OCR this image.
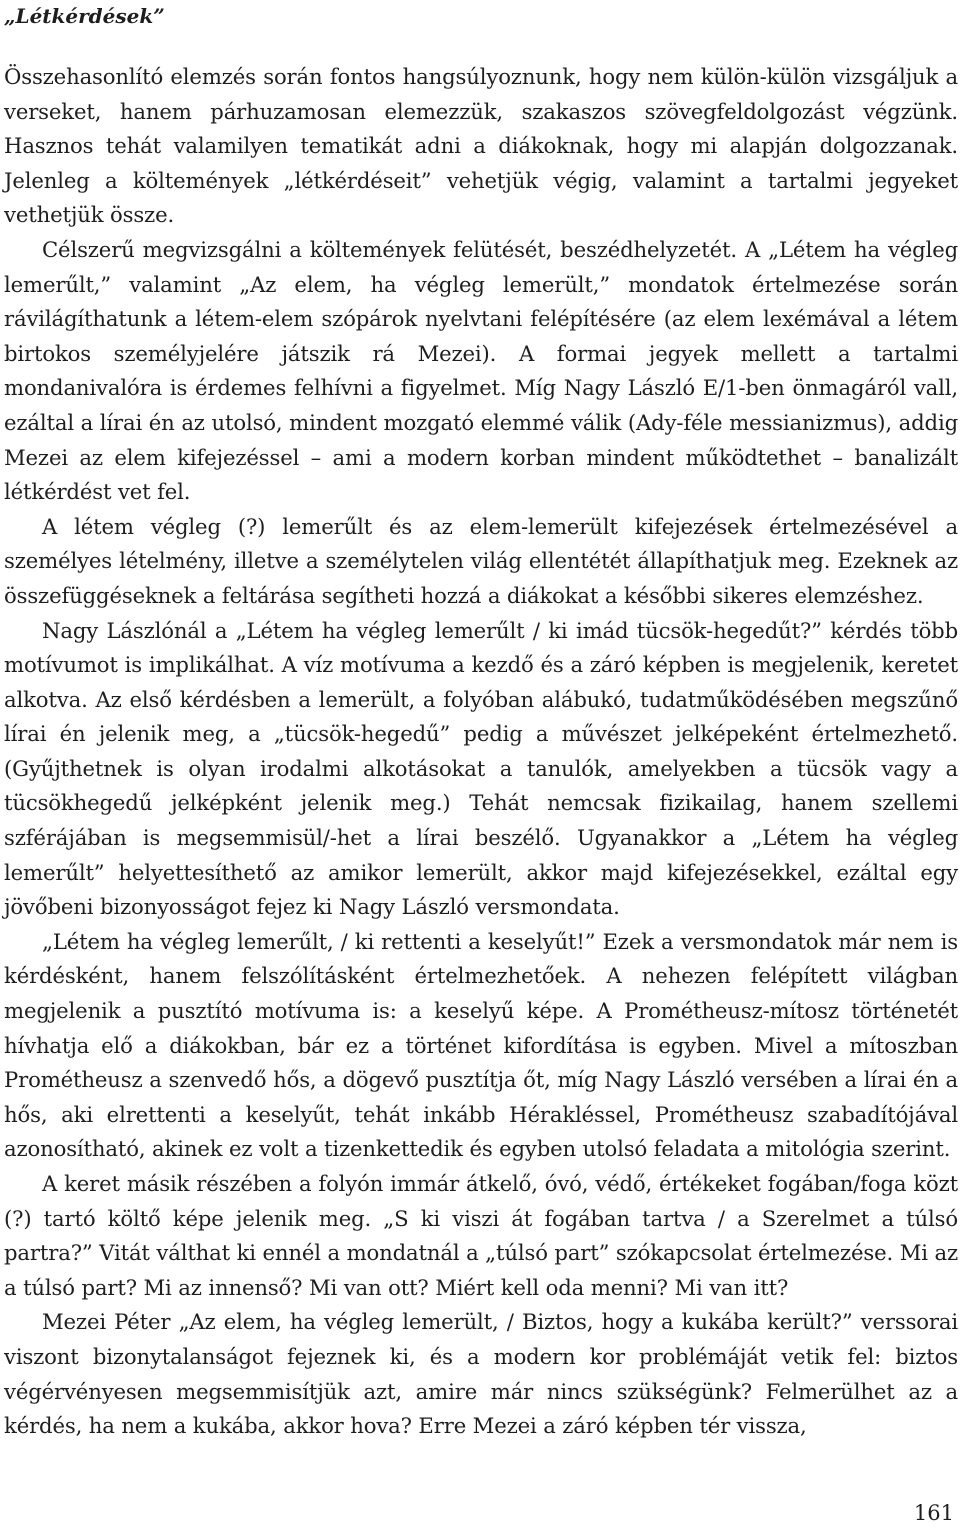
„Létkérdések”

Összehasonlító elemzés során fontos hangsúlyoznunk, hogy nem külön-külön vizsgáljuk a verseket, hanem párhuzamosan elemezzük, szakaszos szövegfeldolgozást végzünk. Hasznos tehát valamilyen tematikát adni a diákoknak, hogy mi alapján dolgozzanak. Jelenleg a költemények „létkérdéseit” vehetjük végig, valamint a tartalmi jegyeket vethetjük össze.

Célszerű megvizsgálni a költemények felütését, beszédhelyzetét. A „Létem ha végleg lemerűlt,” valamint „Az elem, ha végleg lemerült,” mondatok értelmezése során rávilágíthatunk a létem-elem szópárok nyelvtani felépítésére (az elem lexémával a létem birtokos személyjelére játszik rá Mezei). A formai jegyek mellett a tartalmi mondanivalóra is érdemes felhívni a figyelmet. Míg Nagy László E/1-ben önmagáról vall, ezáltal a lírai én az utolsó, mindent mozgató elemmé válik (Ady-féle messianizmus), addig Mezei az elem kifejezéssel – ami a modern korban mindent működtethet – banalizált létkérdést vet fel.

A létem végleg (?) lemerűlt és az elem-lemerült kifejezések értelmezésével a személyes lételmény, illetve a személytelen világ ellentétét állapíthatjuk meg. Ezeknek az összefüggéseknek a feltárása segítheti hozzá a diákokat a későbbi sikeres elemzéshez.

Nagy Lászlónál a „Létem ha végleg lemerűlt / ki imád tücsök-hegedűt?” kérdés több motívumot is implikálhat. A víz motívuma a kezdő és a záró képben is megjelenik, keretet alkotva. Az első kérdésben a lemerült, a folyóban alábukó, tudatműködésében megszűnő lírai én jelenik meg, a „tücsök-hegedű” pedig a művészet jelképeként értelmezhető. (Gyűjthetnek is olyan irodalmi alkotásokat a tanulók, amelyekben a tücsök vagy a tücsökhegedű jelképként jelenik meg.) Tehát nemcsak fizikailag, hanem szellemi szférájában is megsemmisül/-het a lírai beszélő. Ugyanakkor a „Létem ha végleg lemerűlt” helyettesíthető az amikor lemerült, akkor majd kifejezésekkel, ezáltal egy jövőbeni bizonyosságot fejez ki Nagy László versmondata.

„Létem ha végleg lemerűlt, / ki rettenti a keselyűt!” Ezek a versmondatok már nem is kérdésként, hanem felszólításként értelmezhetőek. A nehezen felépített világban megjelenik a pusztító motívuma is: a keselyű képe. A Prométheusz-mítosz történetét hívhatja elő a diákokban, bár ez a történet kifordítása is egyben. Mivel a mítoszban Prométheusz a szenvedő hős, a dögevő pusztítja őt, míg Nagy László versében a lírai én a hős, aki elrettenti a keselyűt, tehát inkább Hérakléssel, Prométheusz szabadítójával azonosítható, akinek ez volt a tizenkettedik és egyben utolsó feladata a mitológia szerint.

A keret másik részében a folyón immár átkelő, óvó, védő, értékeket fogában/foga közt (?) tartó költő képe jelenik meg. „S ki viszi át fogában tartva / a Szerelmet a túlsó partra?” Vitát válthat ki ennél a mondatnál a „túlsó part” szókapcsolat értelmezése. Mi az a túlsó part? Mi az innenső? Mi van ott? Miért kell oda menni? Mi van itt?

Mezei Péter „Az elem, ha végleg lemerült, / Biztos, hogy a kukába került?” verssorai viszont bizonytalanságot fejeznek ki, és a modern kor problémáját vetik fel: biztos végérvényesen megsemmisítjük azt, amire már nincs szükségünk? Felmerülhet az a kérdés, ha nem a kukába, akkor hova? Erre Mezei a záró képben tér vissza,

161
